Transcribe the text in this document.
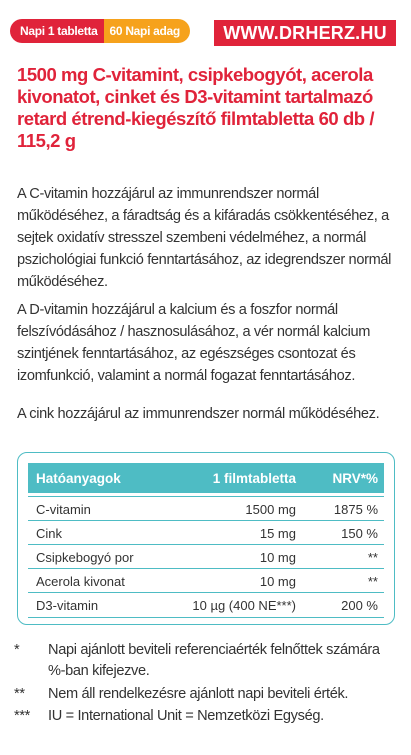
Napi 1 tabletta	60 Napi adag	WWW.DRHERZ.HU
1500 mg C-vitamint, csipkebogyót, acerola kivonatot, cinket és D3-vitamint tartalmazó retard étrend-kiegészítő filmtabletta 60 db / 115,2 g
A C-vitamin hozzájárul az immunrendszer normál működéséhez, a fáradtság és a kifáradás csökkentéséhez, a sejtek oxidatív stresszel szembeni védelméhez, a normál pszichológiai funkció fenntartásához, az idegrendszer normál működéséhez.
A D-vitamin hozzájárul a kalcium és a foszfor normál felszívódásához / hasznosulásához, a vér normál kalcium szintjének fenntartásához, az egészséges csontozat és izomfunkció, valamint a normál fogazat fenntartásához.
A cink hozzájárul az immunrendszer normál működéséhez.
Hatóanyagok	1 filmtabletta	NRV*%
C-vitamin	1500 mg	1875 %
Cink	15 mg	150 %
Csipkebogyó por	10 mg	**
Acerola kivonat	10 mg	**
D3-vitamin	10 µg (400 NE***)	200 %
*	Napi ajánlott beviteli referenciaérték felnőttek számára %-ban kifejezve.
**	Nem áll rendelkezésre ajánlott napi beviteli érték.
***	IU = International Unit = Nemzetközi Egység.
